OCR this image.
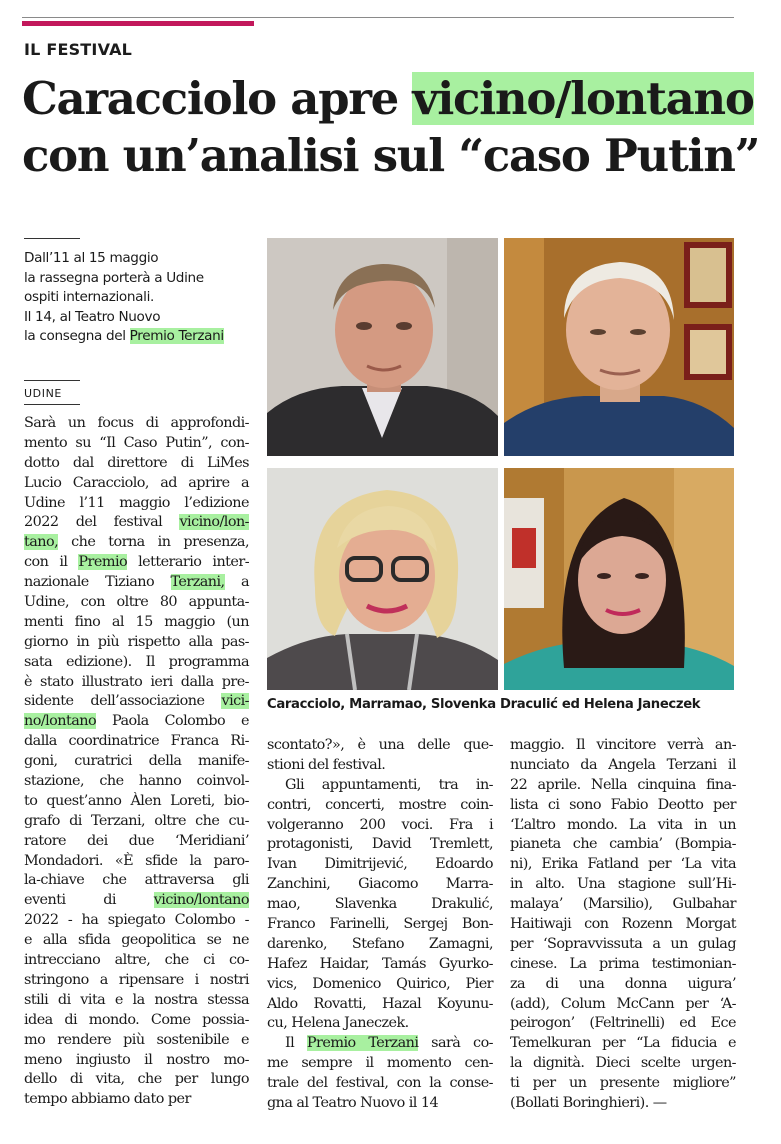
IL FESTIVAL
Caracciolo apre vicino/lontano
con un’analisi sul “caso Putin”
Dall’11 al 15 maggio
la rassegna porterà a Udine
ospiti internazionali.
Il 14, al Teatro Nuovo
la consegna del Premio Terzani
UDINE
Sarà un focus di approfondi-
mento su “Il Caso Putin”, con-
dotto dal direttore di LiMes
Lucio Caracciolo, ad aprire a
Udine l’11 maggio l’edizione
2022 del festival vicino/lon-
tano, che torna in presenza,
con il Premio letterario inter-
nazionale Tiziano Terzani, a
Udine, con oltre 80 appunta-
menti fino al 15 maggio (un
giorno in più rispetto alla pas-
sata edizione). Il programma
è stato illustrato ieri dalla pre-
sidente dell’associazione vici-
no/lontano Paola Colombo e
dalla coordinatrice Franca Ri-
goni, curatrici della manife-
stazione, che hanno coinvol-
to quest’anno Àlen Loreti, bio-
grafo di Terzani, oltre che cu-
ratore dei due ‘Meridiani’
Mondadori. «È sfide la paro-
la-chiave che attraversa gli
eventi di vicino/lontano
2022 - ha spiegato Colombo -
e alla sfida geopolitica se ne
intrecciano altre, che ci co-
stringono a ripensare i nostri
stili di vita e la nostra stessa
idea di mondo. Come possia-
mo rendere più sostenibile e
meno ingiusto il nostro mo-
dello di vita, che per lungo
tempo abbiamo dato per
scontato?», è una delle que-
stioni del festival.
Gli appuntamenti, tra in-
contri, concerti, mostre coin-
volgeranno 200 voci. Fra i
protagonisti, David Tremlett,
Ivan Dimitrijević, Edoardo
Zanchini, Giacomo Marra-
mao, Slavenka Drakulić,
Franco Farinelli, Sergej Bon-
darenko, Stefano Zamagni,
Hafez Haidar, Tamás Gyurko-
vics, Domenico Quirico, Pier
Aldo Rovatti, Hazal Koyunu-
cu, Helena Janeczek.
Il Premio Terzani sarà co-
me sempre il momento cen-
trale del festival, con la conse-
gna al Teatro Nuovo il 14
maggio. Il vincitore verrà an-
nunciato da Angela Terzani il
22 aprile. Nella cinquina fina-
lista ci sono Fabio Deotto per
‘L’altro mondo. La vita in un
pianeta che cambia’ (Bompia-
ni), Erika Fatland per ‘La vita
in alto. Una stagione sull’Hi-
malaya’ (Marsilio), Gulbahar
Haitiwaji con Rozenn Morgat
per ‘Sopravvissuta a un gulag
cinese. La prima testimonian-
za di una donna uigura’
(add), Colum McCann per ‘A-
peirogon’ (Feltrinelli) ed Ece
Temelkuran per “La fiducia e
la dignità. Dieci scelte urgen-
ti per un presente migliore”
(Bollati Boringhieri). —
Caracciolo, Marramao, Slovenka Draculić ed Helena Janeczek
